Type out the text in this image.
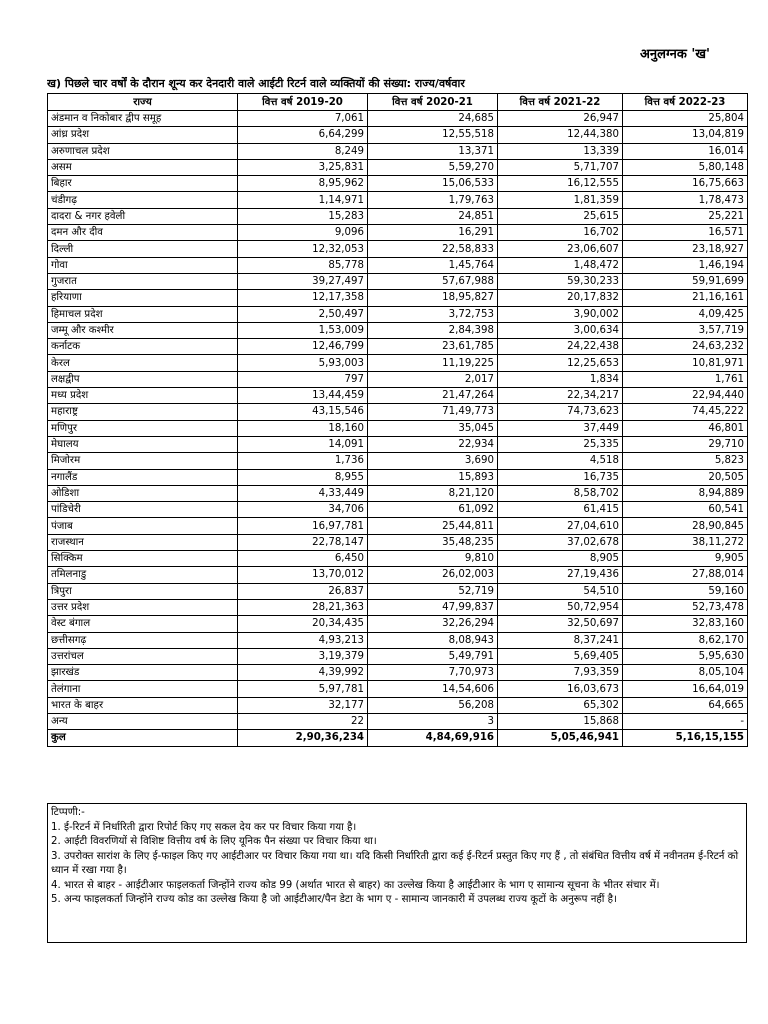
अनुलग्नक 'ख'
ख) पिछले चार वर्षों के दौरान शून्य कर देनदारी वाले आईटी रिटर्न वाले व्यक्तियों की संख्या: राज्य/वर्षवार
राज्य	वित्त वर्ष 2019-20	वित्त वर्ष 2020-21	वित्त वर्ष 2021-22	वित्त वर्ष 2022-23
अंडमान व निकोबार द्वीप समूह	7,061	24,685	26,947	25,804
आंध्र प्रदेश	6,64,299	12,55,518	12,44,380	13,04,819
अरुणाचल प्रदेश	8,249	13,371	13,339	16,014
असम	3,25,831	5,59,270	5,71,707	5,80,148
बिहार	8,95,962	15,06,533	16,12,555	16,75,663
चंडीगढ़	1,14,971	1,79,763	1,81,359	1,78,473
दादरा & नगर हवेली	15,283	24,851	25,615	25,221
दमन और दीव	9,096	16,291	16,702	16,571
दिल्ली	12,32,053	22,58,833	23,06,607	23,18,927
गोवा	85,778	1,45,764	1,48,472	1,46,194
गुजरात	39,27,497	57,67,988	59,30,233	59,91,699
हरियाणा	12,17,358	18,95,827	20,17,832	21,16,161
हिमाचल प्रदेश	2,50,497	3,72,753	3,90,002	4,09,425
जम्मू और कश्मीर	1,53,009	2,84,398	3,00,634	3,57,719
कर्नाटक	12,46,799	23,61,785	24,22,438	24,63,232
केरल	5,93,003	11,19,225	12,25,653	10,81,971
लक्षद्वीप	797	2,017	1,834	1,761
मध्य प्रदेश	13,44,459	21,47,264	22,34,217	22,94,440
महाराष्ट्र	43,15,546	71,49,773	74,73,623	74,45,222
मणिपुर	18,160	35,045	37,449	46,801
मेघालय	14,091	22,934	25,335	29,710
मिजोरम	1,736	3,690	4,518	5,823
नगालैंड	8,955	15,893	16,735	20,505
ओडिशा	4,33,449	8,21,120	8,58,702	8,94,889
पांडिचेरी	34,706	61,092	61,415	60,541
पंजाब	16,97,781	25,44,811	27,04,610	28,90,845
राजस्थान	22,78,147	35,48,235	37,02,678	38,11,272
सिक्किम	6,450	9,810	8,905	9,905
तमिलनाडु	13,70,012	26,02,003	27,19,436	27,88,014
त्रिपुरा	26,837	52,719	54,510	59,160
उत्तर प्रदेश	28,21,363	47,99,837	50,72,954	52,73,478
वेस्ट बंगाल	20,34,435	32,26,294	32,50,697	32,83,160
छत्तीसगढ़	4,93,213	8,08,943	8,37,241	8,62,170
उत्तरांचल	3,19,379	5,49,791	5,69,405	5,95,630
झारखंड	4,39,992	7,70,973	7,93,359	8,05,104
तेलंगाना	5,97,781	14,54,606	16,03,673	16,64,019
भारत के बाहर	32,177	56,208	65,302	64,665
अन्य	22	3	15,868	-
कुल	2,90,36,234	4,84,69,916	5,05,46,941	5,16,15,155
टिप्पणी:-
1. ई-रिटर्न में निर्धारिती द्वारा रिपोर्ट किए गए सकल देय कर पर विचार किया गया है।
2. आईटी विवरणियों से विशिष्ट वित्तीय वर्ष के लिए यूनिक पैन संख्या पर विचार किया था।
3. उपरोक्त सारांश के लिए ई-फाइल किए गए आईटीआर पर विचार किया गया था। यदि किसी निर्धारिती द्वारा कई ई-रिटर्न प्रस्तुत किए गए हैं , तो संबंधित वित्तीय वर्ष में नवीनतम ई-रिटर्न को ध्यान में रखा गया है।
4. भारत से बाहर - आईटीआर फाइलकर्ता जिन्होंने राज्य कोड 99 (अर्थात भारत से बाहर) का उल्लेख किया है आईटीआर के भाग ए सामान्य सूचना के भीतर संचार में।
5. अन्य फाइलकर्ता जिन्होंने राज्य कोड का उल्लेख किया है जो आईटीआर/पैन डेटा के भाग ए - सामान्य जानकारी में उपलब्ध राज्य कूटों के अनुरूप नहीं है।
